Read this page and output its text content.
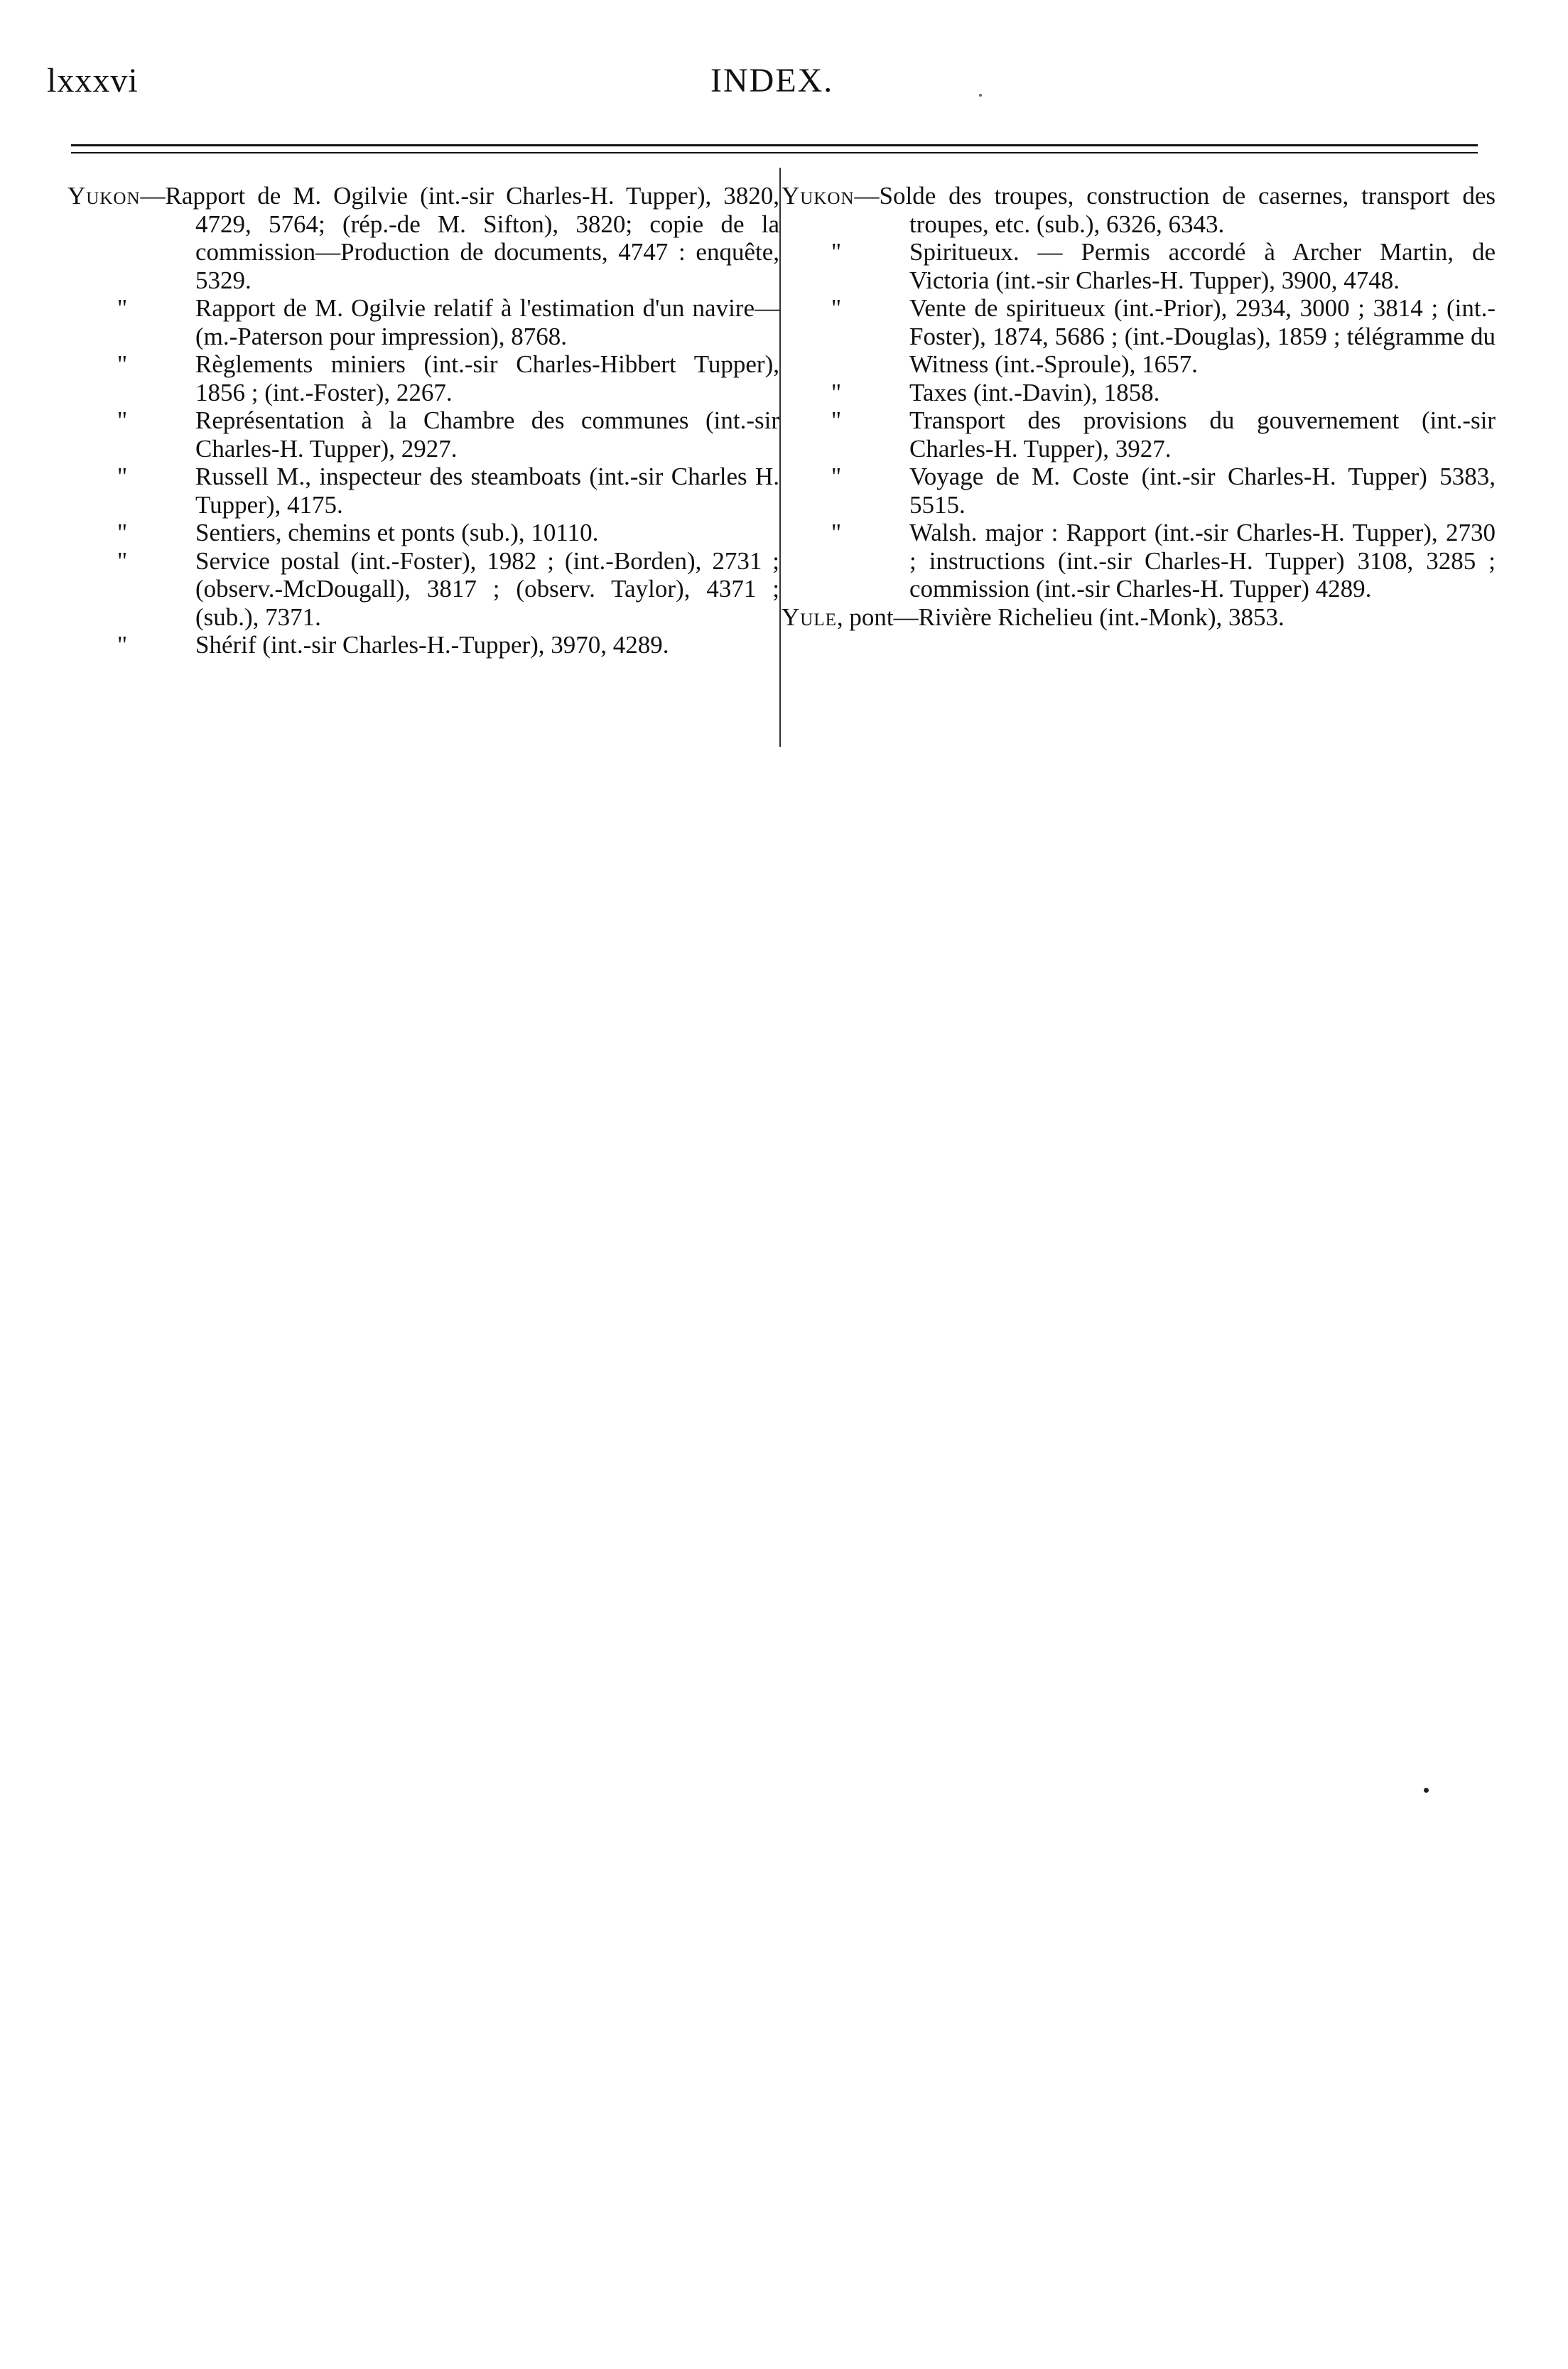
lxxxvi	INDEX.

Yukon—Rapport de M. Ogilvie (int.-sir Charles-H. Tupper), 3820, 4729, 5764; (rép.-de M. Sifton), 3820; copie de la commission—Production de documents, 4747 : enquête, 5329.

"	Rapport de M. Ogilvie relatif à l'estimation d'un navire—(m.-Paterson pour impression), 8768.

"	Règlements miniers (int.-sir Charles-Hibbert Tupper), 1856 ; (int.-Foster), 2267.

"	Représentation à la Chambre des communes (int.-sir Charles-H. Tupper), 2927.

"	Russell M., inspecteur des steamboats (int.-sir Charles H. Tupper), 4175.

"	Sentiers, chemins et ponts (sub.), 10110.

"	Service postal (int.-Foster), 1982 ; (int.-Borden), 2731 ; (observ.-McDougall), 3817 ; (observ. Taylor), 4371 ; (sub.), 7371.

"	Shérif (int.-sir Charles-H.-Tupper), 3970, 4289.

Yukon—Solde des troupes, construction de casernes, transport des troupes, etc. (sub.), 6326, 6343.

"	Spiritueux. — Permis accordé à Archer Martin, de Victoria (int.-sir Charles-H. Tupper), 3900, 4748.

"	Vente de spiritueux (int.-Prior), 2934, 3000 ; 3814 ; (int.-Foster), 1874, 5686 ; (int.-Douglas), 1859 ; télégramme du Witness (int.-Sproule), 1657.

"	Taxes (int.-Davin), 1858.

"	Transport des provisions du gouvernement (int.-sir Charles-H. Tupper), 3927.

"	Voyage de M. Coste (int.-sir Charles-H. Tupper) 5383, 5515.

"	Walsh. major : Rapport (int.-sir Charles-H. Tupper), 2730 ; instructions (int.-sir Charles-H. Tupper) 3108, 3285 ; commission (int.-sir Charles-H. Tupper) 4289.

Yule, pont—Rivière Richelieu (int.-Monk), 3853.
